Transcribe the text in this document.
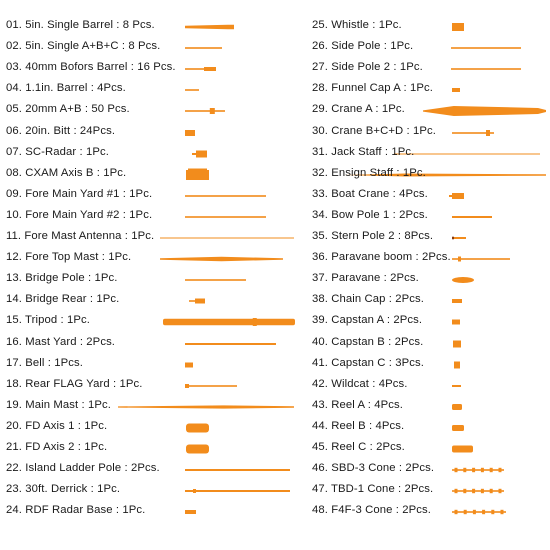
01. 5in. Single Barrel : 8 Pcs.
02. 5in. Single A+B+C : 8 Pcs.
03. 40mm Bofors Barrel : 16 Pcs.
04. 1.1in. Barrel : 4Pcs.
05. 20mm A+B : 50 Pcs.
06. 20in. Bitt : 24Pcs.
07. SC-Radar : 1Pc.
08. CXAM Axis B : 1Pc.
09. Fore Main Yard #1 : 1Pc.
10. Fore Main Yard #2 : 1Pc.
11. Fore Mast Antenna : 1Pc.
12. Fore Top Mast : 1Pc.
13. Bridge Pole : 1Pc.
14. Bridge Rear : 1Pc.
15. Tripod : 1Pc.
16. Mast Yard : 2Pcs.
17. Bell : 1Pcs.
18. Rear FLAG Yard : 1Pc.
19. Main Mast : 1Pc.
20. FD Axis 1 : 1Pc.
21. FD Axis 2 : 1Pc.
22. Island Ladder Pole : 2Pcs.
23. 30ft. Derrick : 1Pc.
24. RDF Radar Base : 1Pc.
25. Whistle : 1Pc.
26. Side Pole : 1Pc.
27. Side Pole 2 : 1Pc.
28. Funnel Cap A : 1Pc.
29. Crane A : 1Pc.
30. Crane B+C+D : 1Pc.
31. Jack Staff : 1Pc.
32. Ensign Staff : 1Pc.
33. Boat Crane : 4Pcs.
34. Bow Pole 1 : 2Pcs.
35. Stern Pole 2 : 8Pcs.
36. Paravane boom : 2Pcs.
37. Paravane : 2Pcs.
38. Chain Cap : 2Pcs.
39. Capstan A : 2Pcs.
40. Capstan B : 2Pcs.
41. Capstan C : 3Pcs.
42. Wildcat : 4Pcs.
43. Reel A : 4Pcs.
44. Reel B : 4Pcs.
45. Reel C : 2Pcs.
46. SBD-3 Cone : 2Pcs.
47. TBD-1 Cone : 2Pcs.
48. F4F-3 Cone : 2Pcs.
